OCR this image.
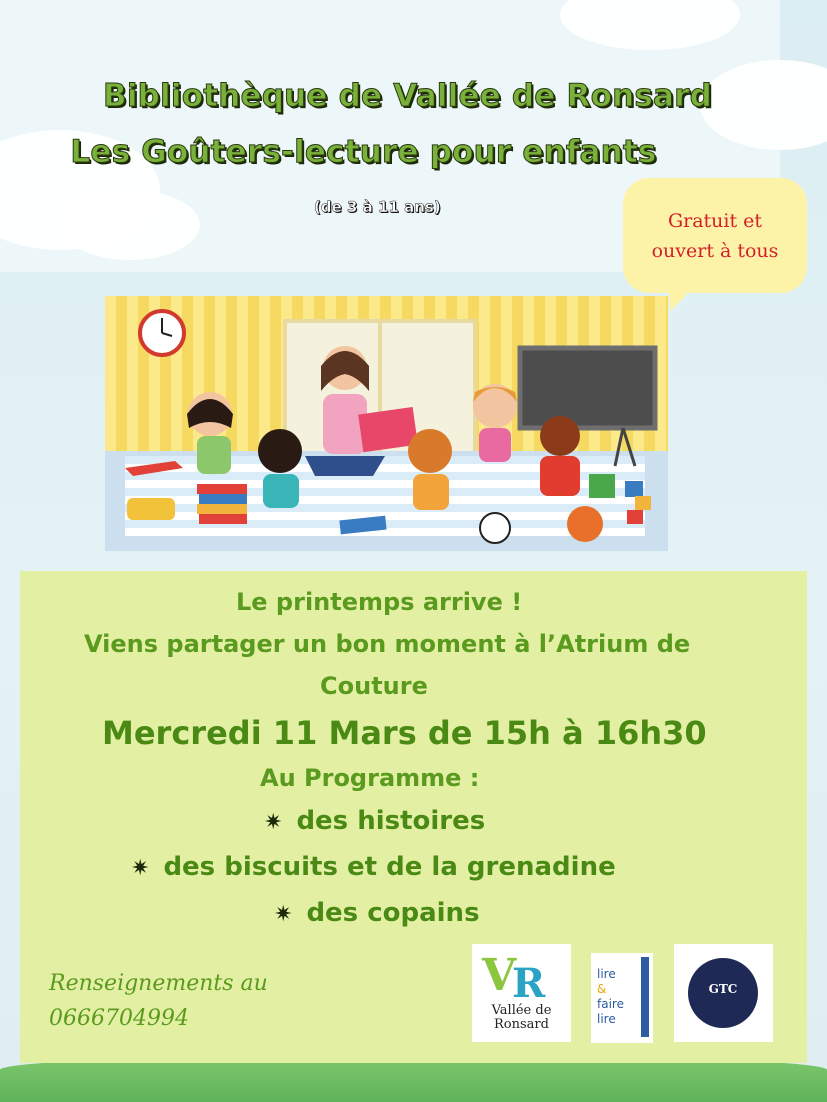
Bibliothèque de Vallée de Ronsard
Les Goûters-lecture pour enfants
(de 3 à 11 ans)
Gratuit et
ouvert à tous
Le printemps arrive !
Viens partager un bon moment à l’Atrium de
Couture
Mercredi 11 Mars de 15h à 16h30
Au Programme :
✷ des histoires
✷ des biscuits et de la grenadine
✷ des copains
Renseignements au
0666704994
V
R
Vallée de Ronsard
lire
&
faire
lire
GTC
